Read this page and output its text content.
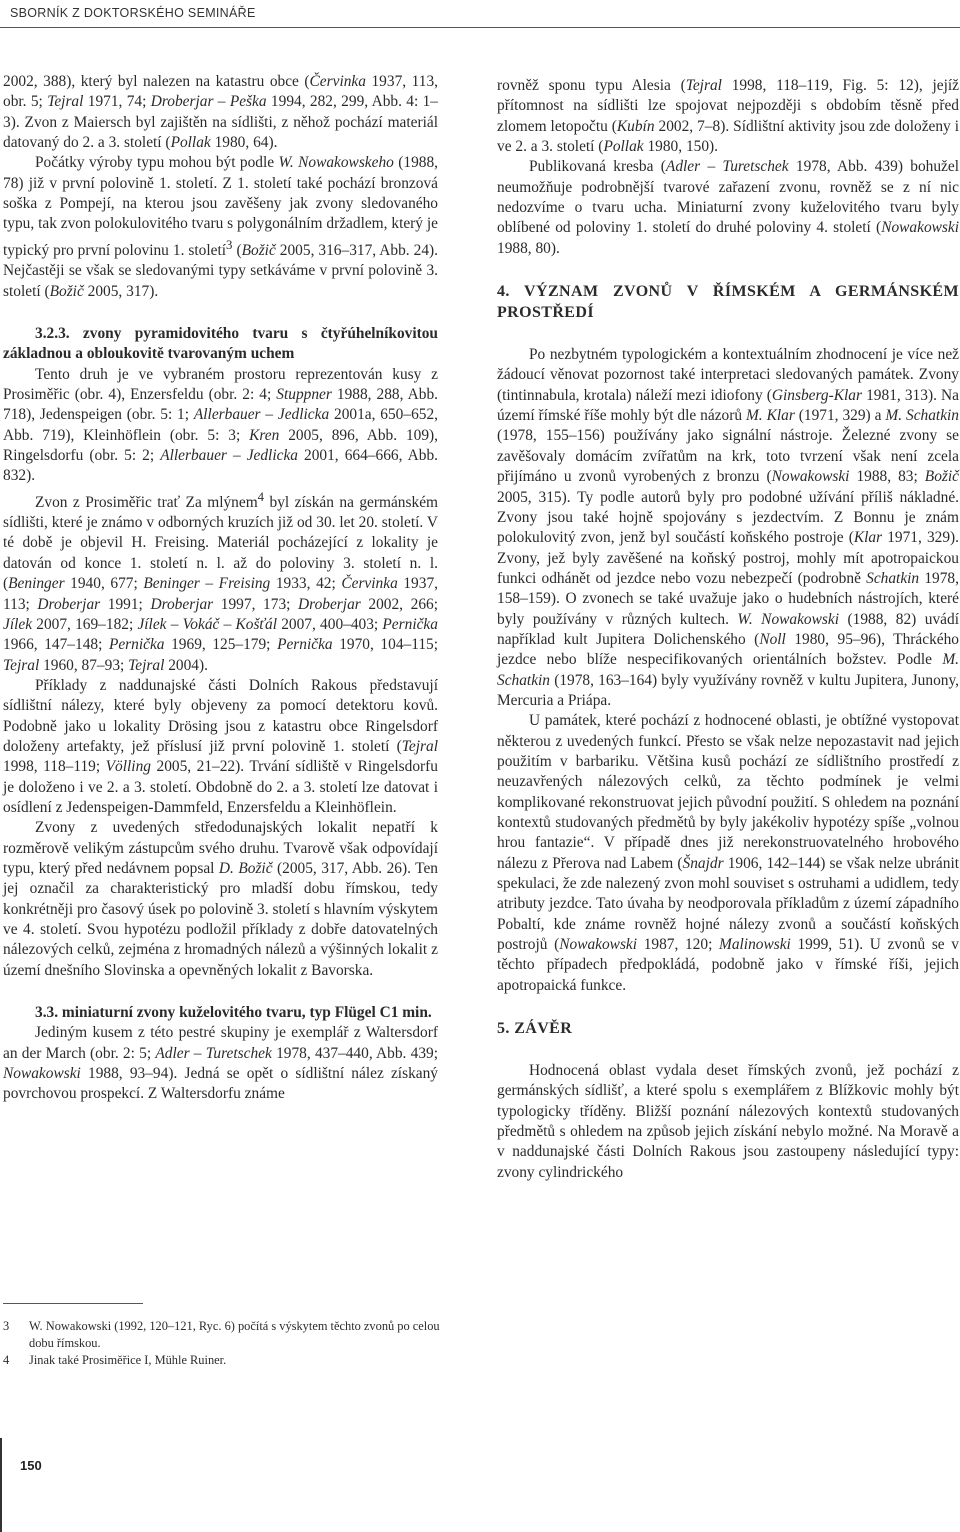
SBORNÍK Z DOKTORSKÉHO SEMINÁŘE

2002, 388), který byl nalezen na katastru obce (Červinka 1937, 113, obr. 5; Tejral 1971, 74; Droberjar – Peška 1994, 282, 299, Abb. 4: 1–3). Zvon z Maiersch byl zajištěn na sídlišti, z něhož pochází materiál datovaný do 2. a 3. století (Pollak 1980, 64).

Počátky výroby typu mohou být podle W. Nowakowskeho (1988, 78) již v první polovině 1. století. Z 1. století také pochází bronzová soška z Pompejí, na kterou jsou zavěšeny jak zvony sledovaného typu, tak zvon polokulovitého tvaru s polygonálním držadlem, který je typický pro první polovinu 1. století$^3$ (Božič 2005, 316–317, Abb. 24). Nejčastěji se však se sledovanými typy setkáváme v první polovině 3. století (Božič 2005, 317).

3.2.3. zvony pyramidovitého tvaru s čtyřúhelníkovitou základnou a obloukovitě tvarovaným uchem

Tento druh je ve vybraném prostoru reprezentován kusy z Prosiměřic (obr. 4), Enzersfeldu (obr. 2: 4; Stuppner 1988, 288, Abb. 718), Jedenspeigen (obr. 5: 1; Allerbauer – Jedlicka 2001a, 650–652, Abb. 719), Kleinhöflein (obr. 5: 3; Kren 2005, 896, Abb. 109), Ringelsdorfu (obr. 5: 2; Allerbauer – Jedlicka 2001, 664–666, Abb. 832).

Zvon z Prosiměřic trať Za mlýnem$^4$ byl získán na germánském sídlišti, které je známo v odborných kruzích již od 30. let 20. století. V té době je objevil H. Freising. Materiál pocházející z lokality je datován od konce 1. století n. l. až do poloviny 3. století n. l. (Beninger 1940, 677; Beninger – Freising 1933, 42; Červinka 1937, 113; Droberjar 1991; Droberjar 1997, 173; Droberjar 2002, 266; Jílek 2007, 169–182; Jílek – Vokáč – Košťál 2007, 400–403; Pernička 1966, 147–148; Pernička 1969, 125–179; Pernička 1970, 104–115; Tejral 1960, 87–93; Tejral 2004).

Příklady z naddunajské části Dolních Rakous představují sídlištní nálezy, které byly objeveny za pomocí detektoru kovů. Podobně jako u lokality Drösing jsou z katastru obce Ringelsdorf doloženy artefakty, jež příslusí již první polovině 1. století (Tejral 1998, 118–119; Völling 2005, 21–22). Trvání sídliště v Ringelsdorfu je doloženo i ve 2. a 3. století. Obdobně do 2. a 3. století lze datovat i osídlení z Jedenspeigen-Dammfeld, Enzersfeldu a Kleinhöflein.

Zvony z uvedených středodunajských lokalit nepatří k rozměrově velikým zástupcům svého druhu. Tvarově však odpovídají typu, který před nedávnem popsal D. Božič (2005, 317, Abb. 26). Ten jej označil za charakteristický pro mladší dobu římskou, tedy konkrétněji pro časový úsek po polovině 3. století s hlavním výskytem ve 4. století. Svou hypotézu podložil příklady z dobře datovatelných nálezových celků, zejména z hromadných nálezů a výšinných lokalit z území dnešního Slovinska a opevněných lokalit z Bavorska.

3.3. miniaturní zvony kuželovitého tvaru, typ Flügel C1 min.

Jediným kusem z této pestré skupiny je exemplář z Waltersdorf an der March (obr. 2: 5; Adler – Turetschek 1978, 437–440, Abb. 439; Nowakowski 1988, 93–94). Jedná se opět o sídlištní nález získaný povrchovou prospekcí. Z Waltersdorfu známe

rovněž sponu typu Alesia (Tejral 1998, 118–119, Fig. 5: 12), jejíž přítomnost na sídlišti lze spojovat nejpozději s obdobím těsně před zlomem letopočtu (Kubín 2002, 7–8). Sídlištní aktivity jsou zde doloženy i ve 2. a 3. století (Pollak 1980, 150).

Publikovaná kresba (Adler – Turetschek 1978, Abb. 439) bohužel neumožňuje podrobnější tvarové zařazení zvonu, rovněž se z ní nic nedozvíme o tvaru ucha. Miniaturní zvony kuželovitého tvaru byly oblíbené od poloviny 1. století do druhé poloviny 4. století (Nowakowski 1988, 80).

4. VÝZNAM ZVONŮ V ŘÍMSKÉM A GERMÁNSKÉM PROSTŘEDÍ

Po nezbytném typologickém a kontextuálním zhodnocení je více než žádoucí věnovat pozornost také interpretaci sledovaných památek. Zvony (tintinnabula, krotala) náleží mezi idiofony (Ginsberg-Klar 1981, 313). Na území římské říše mohly být dle názorů M. Klar (1971, 329) a M. Schatkin (1978, 155–156) používány jako signální nástroje. Železné zvony se zavěšovaly domácím zvířatům na krk, toto tvrzení však není zcela přijímáno u zvonů vyrobených z bronzu (Nowakowski 1988, 83; Božič 2005, 315). Ty podle autorů byly pro podobné užívání příliš nákladné. Zvony jsou také hojně spojovány s jezdectvím. Z Bonnu je znám polokulovitý zvon, jenž byl součástí koňského postroje (Klar 1971, 329). Zvony, jež byly zavěšené na koňský postroj, mohly mít apotropaickou funkci odhánět od jezdce nebo vozu nebezpečí (podrobně Schatkin 1978, 158–159). O zvonech se také uvažuje jako o hudebních nástrojích, které byly používány v různých kultech. W. Nowakowski (1988, 82) uvádí například kult Jupitera Dolichenského (Noll 1980, 95–96), Thráckého jezdce nebo blíže nespecifikovaných orientálních božstev. Podle M. Schatkin (1978, 163–164) byly využívány rovněž v kultu Jupitera, Junony, Mercuria a Priápa.

U památek, které pochází z hodnocené oblasti, je obtížné vystopovat některou z uvedených funkcí. Přesto se však nelze nepozastavit nad jejich použitím v barbariku. Většina kusů pochází ze sídlištního prostředí z neuzavřených nálezových celků, za těchto podmínek je velmi komplikované rekonstruovat jejich původní použití. S ohledem na poznání kontextů studovaných předmětů by byly jakékoliv hypotézy spíše „volnou hrou fantazie“. V případě dnes již nerekonstruovatelného hrobového nálezu z Přerova nad Labem (Šnajdr 1906, 142–144) se však nelze ubránit spekulaci, že zde nalezený zvon mohl souviset s ostruhami a udidlem, tedy atributy jezdce. Tato úvaha by neodporovala příkladům z území západního Pobaltí, kde známe rovněž hojné nálezy zvonů a součástí koňských postrojů (Nowakowski 1987, 120; Malinowski 1999, 51). U zvonů se v těchto případech předpokládá, podobně jako v římské říši, jejich apotropaická funkce.

5. ZÁVĚR

Hodnocená oblast vydala deset římských zvonů, jež pochází z germánských sídlišť, a které spolu s exemplářem z Blížkovic mohly být typologicky tříděny. Bližší poznání nálezových kontextů studovaných předmětů s ohledem na způsob jejich získání nebylo možné. Na Moravě a v naddunajské části Dolních Rakous jsou zastoupeny následující typy: zvony cylindrického

3 W. Nowakowski (1992, 120–121, Ryc. 6) počítá s výskytem těchto zvonů po celou dobu římskou.
4 Jinak také Prosiměřice I, Mühle Ruiner.
150
